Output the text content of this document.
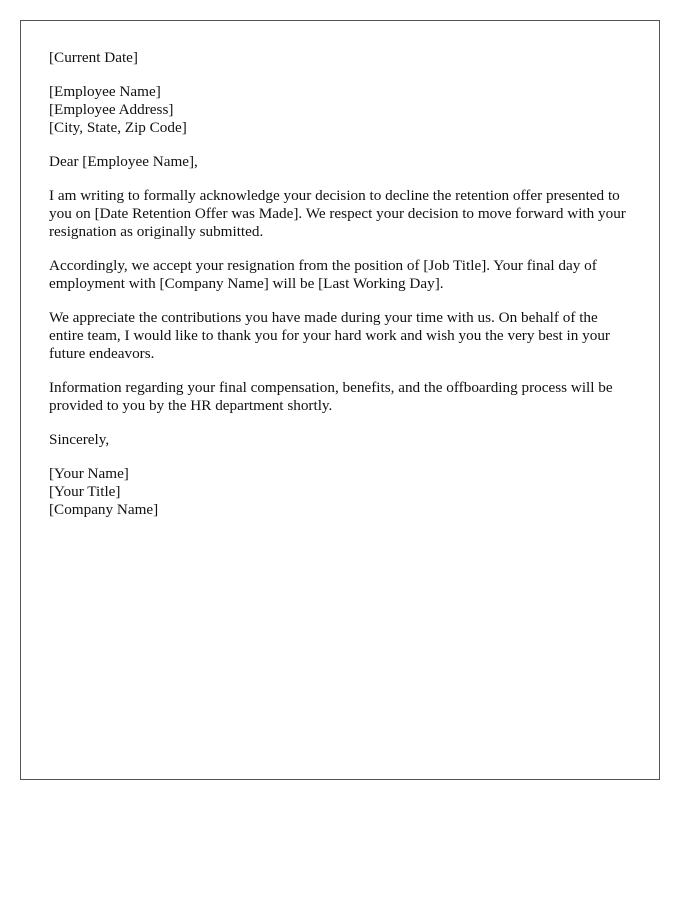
[Current Date]
[Employee Name]
[Employee Address]
[City, State, Zip Code]
Dear [Employee Name],

I am writing to formally acknowledge your decision to decline the retention offer presented to you on [Date Retention Offer was Made]. We respect your decision to move forward with your resignation as originally submitted.

Accordingly, we accept your resignation from the position of [Job Title]. Your final day of employment with [Company Name] will be [Last Working Day].

We appreciate the contributions you have made during your time with us. On behalf of the entire team, I would like to thank you for your hard work and wish you the very best in your future endeavors.

Information regarding your final compensation, benefits, and the offboarding process will be provided to you by the HR department shortly.

Sincerely,
[Your Name]
[Your Title]
[Company Name]
